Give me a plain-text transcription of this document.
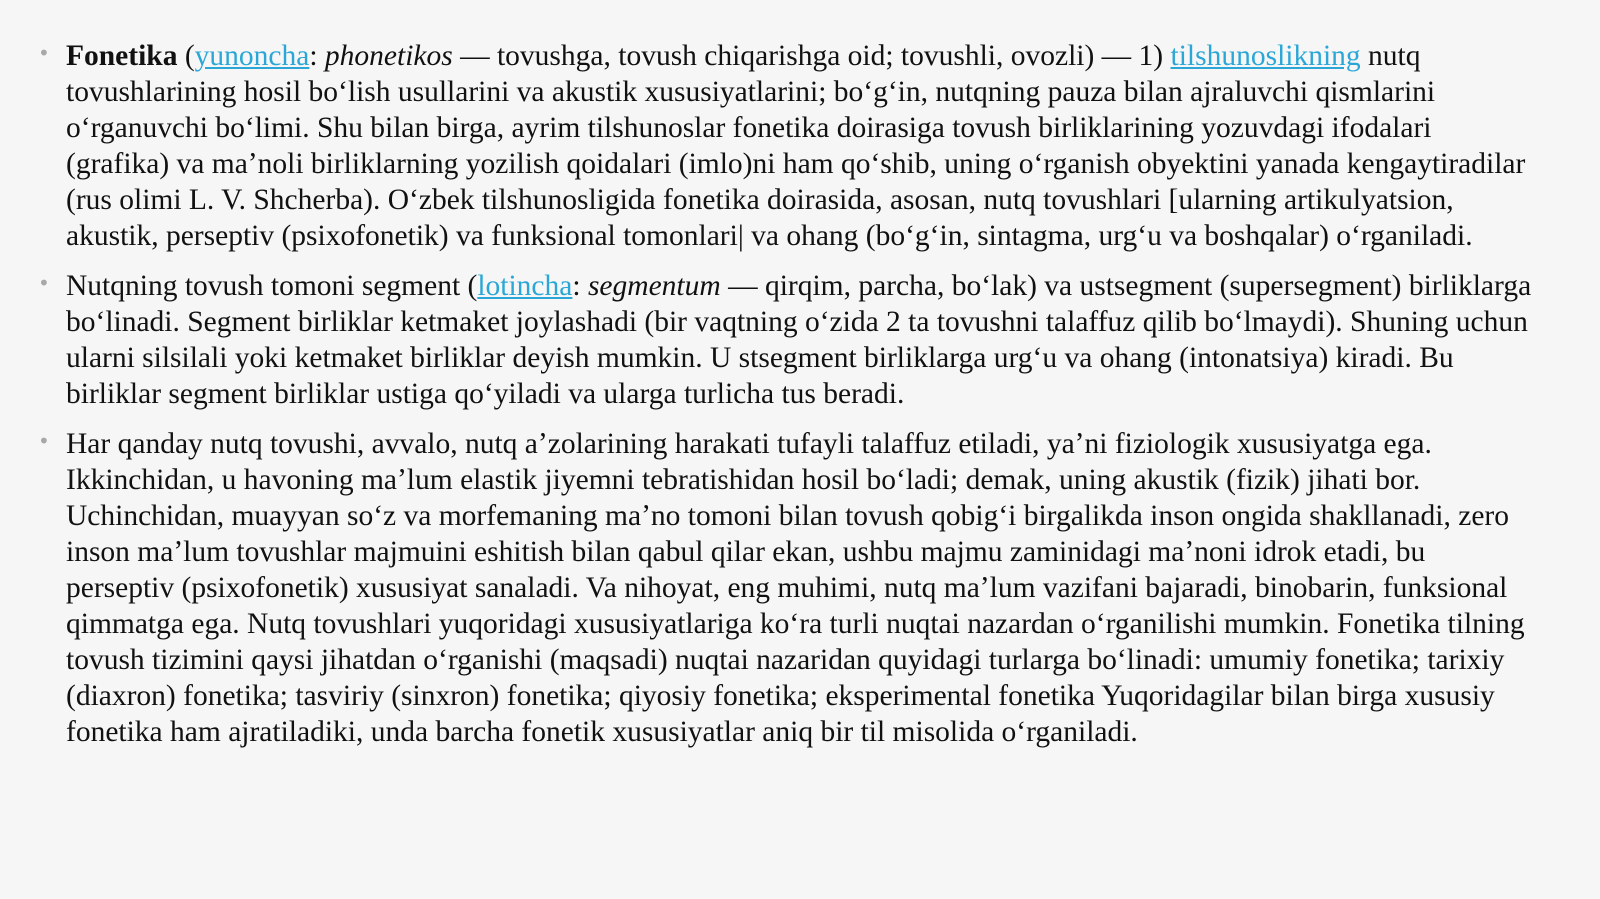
• Fonetika (yunoncha: phonetikos — tovushga, tovush chiqarishga oid; tovushli, ovozli) — 1) tilshunoslikning nutq tovushlarining hosil boʻlish usullarini va akustik xususiyatlarini; boʻgʻin, nutqning pauza bilan ajraluvchi qismlarini oʻrganuvchi boʻlimi. Shu bilan birga, ayrim tilshunoslar fonetika doirasiga tovush birliklarining yozuvdagi ifodalari (grafika) va maʼnoli birliklarning yozilish qoidalari (imlo)ni ham qoʻshib, uning oʻrganish obyektini yanada kengaytiradilar (rus olimi L. V. Shcherba). Oʻzbek tilshunosligida fonetika doirasida, asosan, nutq tovushlari [ularning artikulyatsion, akustik, perseptiv (psixofonetik) va funksional tomonlari| va ohang (boʻgʻin, sintagma, urgʻu va boshqalar) oʻrganiladi.
• Nutqning tovush tomoni segment (lotincha: segmentum — qirqim, parcha, boʻlak) va ustsegment (supersegment) birliklarga boʻlinadi. Segment birliklar ketmaket joylashadi (bir vaqtning oʻzida 2 ta tovushni talaffuz qilib boʻlmaydi). Shuning uchun ularni silsilali yoki ketmaket birliklar deyish mumkin. U stsegment birliklarga urgʻu va ohang (intonatsiya) kiradi. Bu birliklar segment birliklar ustiga qoʻyiladi va ularga turlicha tus beradi.
• Har qanday nutq tovushi, avvalo, nutq aʼzolarining harakati tufayli talaffuz etiladi, yaʼni fiziologik xususiyatga ega. Ikkinchidan, u havoning maʼlum elastik jiyemni tebratishidan hosil boʻladi; demak, uning akustik (fizik) jihati bor. Uchinchidan, muayyan soʻz va morfemaning maʼno tomoni bilan tovush qobigʻi birgalikda inson ongida shakllanadi, zero inson maʼlum tovushlar majmuini eshitish bilan qabul qilar ekan, ushbu majmu zaminidagi maʼnoni idrok etadi, bu perseptiv (psixofonetik) xususiyat sanaladi. Va nihoyat, eng muhimi, nutq maʼlum vazifani bajaradi, binobarin, funksional qimmatga ega. Nutq tovushlari yuqoridagi xususiyatlariga koʻra turli nuqtai nazardan oʻrganilishi mumkin. Fonetika tilning tovush tizimini qaysi jihatdan oʻrganishi (maqsadi) nuqtai nazaridan quyidagi turlarga boʻlinadi: umumiy fonetika; tarixiy (diaxron) fonetika; tasviriy (sinxron) fonetika; qiyosiy fonetika; eksperimental fonetika Yuqoridagilar bilan birga xususiy fonetika ham ajratiladiki, unda barcha fonetik xususiyatlar aniq bir til misolida oʻrganiladi.
